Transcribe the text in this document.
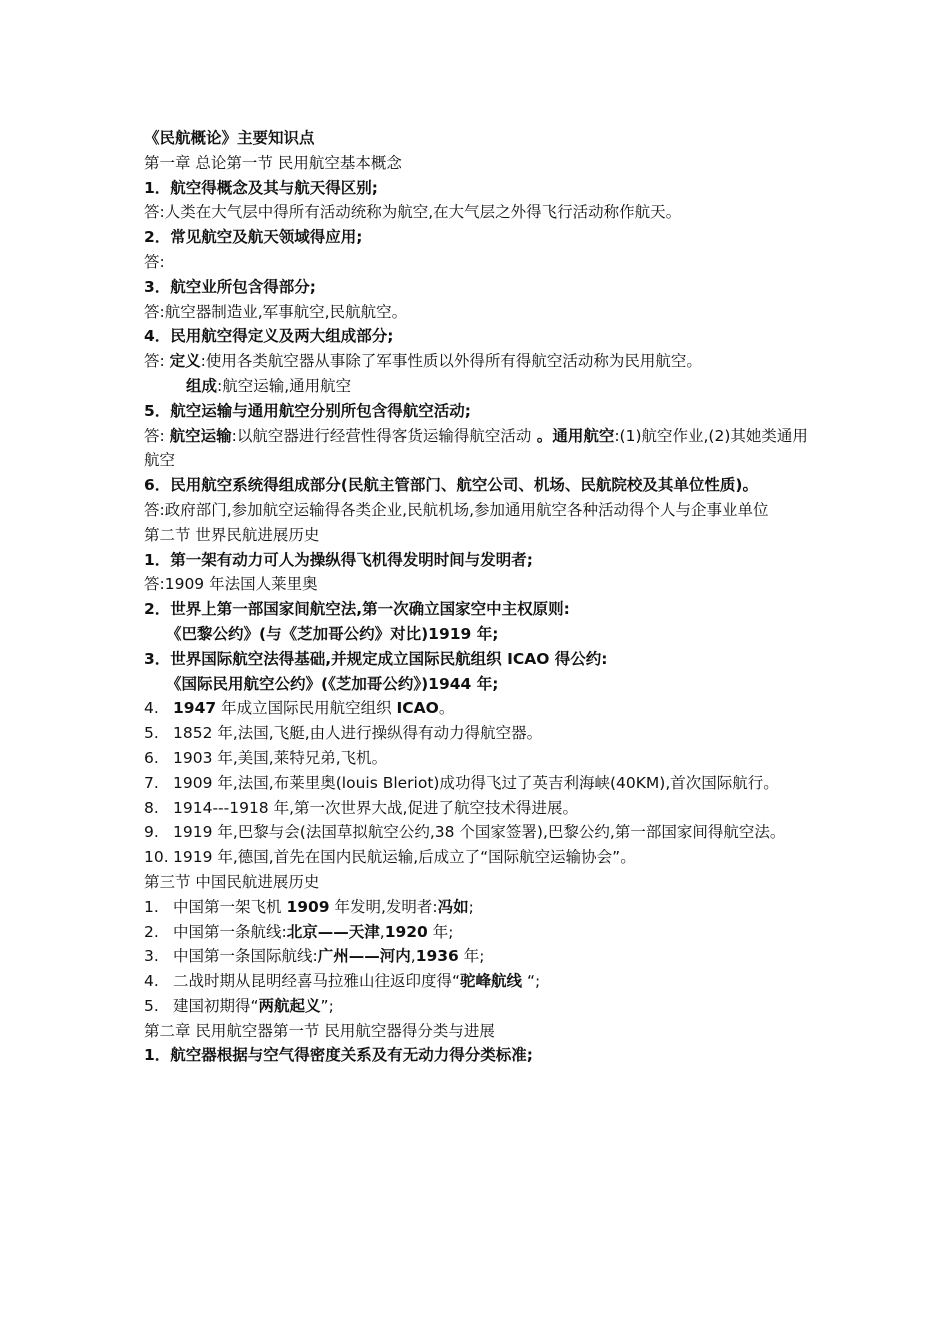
《民航概论》主要知识点

第一章 总论第一节 民用航空基本概念

1．航空得概念及其与航天得区别;

答:人类在大气层中得所有活动统称为航空,在大气层之外得飞行活动称作航天。

2．常见航空及航天领域得应用;

答:

3．航空业所包含得部分;

答:航空器制造业,军事航空,民航航空。

4．民用航空得定义及两大组成部分;

答: 定义:使用各类航空器从事除了军事性质以外得所有得航空活动称为民用航空。

组成:航空运输,通用航空

5．航空运输与通用航空分别所包含得航空活动;

答: 航空运输:以航空器进行经营性得客货运输得航空活动 。通用航空:(1)航空作业,(2)其她类通用航空

6．民用航空系统得组成部分(民航主管部门、航空公司、机场、民航院校及其单位性质)。

答:政府部门,参加航空运输得各类企业,民航机场,参加通用航空各种活动得个人与企事业单位

第二节 世界民航进展历史

1．第一架有动力可人为操纵得飞机得发明时间与发明者;

答:1909 年法国人莱里奥

2．世界上第一部国家间航空法,第一次确立国家空中主权原则:

《巴黎公约》(与《芝加哥公约》对比)1919 年;

3．世界国际航空法得基础,并规定成立国际民航组织 ICAO 得公约:

《国际民用航空公约》(《芝加哥公约》)1944 年;

4. 1947 年成立国际民用航空组织 ICAO。
5. 1852 年,法国,飞艇,由人进行操纵得有动力得航空器。
6. 1903 年,美国,莱特兄弟,飞机。
7. 1909 年,法国,布莱里奥(louis Bleriot)成功得飞过了英吉利海峡(40KM),首次国际航行。
8. 1914---1918 年,第一次世界大战,促进了航空技术得进展。
9. 1919 年,巴黎与会(法国草拟航空公约,38 个国家签署),巴黎公约,第一部国家间得航空法。
10. 1919 年,德国,首先在国内民航运输,后成立了“国际航空运输协会”。

第三节 中国民航进展历史

1. 中国第一架飞机 1909 年发明,发明者:冯如;
2. 中国第一条航线:北京——天津,1920 年;
3. 中国第一条国际航线:广州——河内,1936 年;
4. 二战时期从昆明经喜马拉雅山往返印度得“驼峰航线 “;
5. 建国初期得“两航起义”;

第二章 民用航空器第一节 民用航空器得分类与进展

1．航空器根据与空气得密度关系及有无动力得分类标准;
